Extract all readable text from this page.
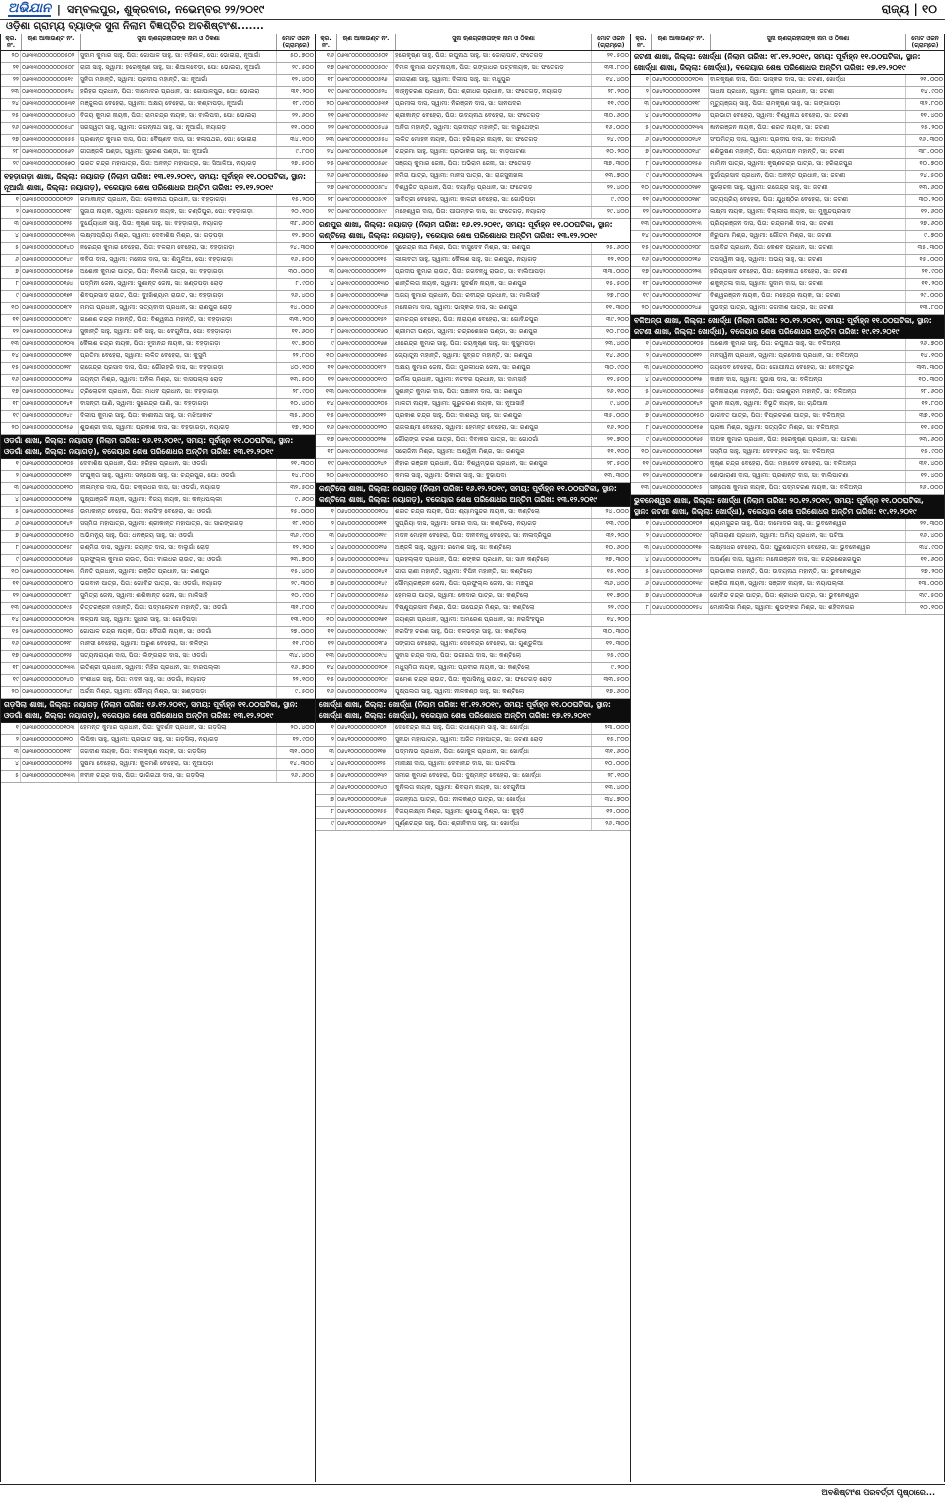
ଅଭିଯାନ | ସମ୍ବଲପୁର, ଶୁକ୍ରବାର, ନଭେମ୍ବର ୨୨/୨୦୧୯	ରାଜ୍ୟ | ୧୦
ଓଡ଼ିଶା ଗ୍ରାମ୍ୟ ବ୍ୟାଙ୍କ ସୁନା ନିଲାମ ବିଜ୍ଞପ୍ତିର ଅବଶିଷ୍ଟାଂଶ.......
କ୍ର. ନଂ.
ଋଣ ଆକାଉଣ୍ଟ ନଂ.	ସୁନା ଋଣଗ୍ରହୀତାଙ୍କ ନାମ ଓ ଠିକଣା	ମୋଟ ଓଜନ (ଗ୍ରାମ୍‌ରେ)
୨୦ ୦୬୩୩୦୦୦୦୦୦୦୫୦୨ ସୁଦାମ କୁମାର ସାହୁ, ପିତା: ଗୋପାଳ ସାହୁ, ସା: ମହିଶାଳ, ପୋ: ଭୋଇରା, ନୂଆଗାଁ	୫୦.୭୦୦
୨୧ ୦୬୩୩୦୦୦୦୦୦୦୫୦୮ ରାଜୀ ସାହୁ, ସ୍ୱାମୀ: ହରେକୃଷ୍ଣ ସାହୁ, ସା: ଶିଆଳବେଡ଼ା, ପୋ: ଭୋଇରା, ନୂଆଗାଁ	୨୯.୫୦୦
୨୨ ୦୬୩୩୦୦୦୦୦୦୦୫୧୯	ସୁନିତା ମହାନ୍ତି, ସ୍ୱାମୀ: ପ୍ରଦୀପ ମହାନ୍ତି, ସା: ନୂଆଗାଁ	୧୨.୪୦୦
୨୩ ୦୬୩୩୦୦୦୦୦୦୦୫୨୪	ହରିହର ପ୍ରଧାନ, ପିତା: ଦାମୋଦର ପ୍ରଧାନ, ସା: ଗୋପାଳପୁର, ପୋ: ଭୋଇରା	୩୧.୨୦୦
୨୪ ୦୬୩୩୦୦୦୦୦୦୦୫୩୧ ମଞ୍ଜୁଲତା ବେହେରା, ସ୍ୱାମୀ: ଅକ୍ଷୟ ବେହେରା, ସା: କଣ୍ଟାପଡ଼ା, ନୂଆଗାଁ	୧୮.୯୦୦
୨୫ ୦୬୩୩୦୦୦୦୦୦୦୫୪୦ ବିଜୟ କୁମାର ନାୟକ, ପିତା: ରାମଚନ୍ଦ୍ର ନାୟକ, ସା: ବାଲିପଦା, ପୋ: ଭୋଇରା	୨୨.୬୦୦
୨୬ ୦୬୩୩୦୦୦୦୦୦୦୫୪୮ ସରସ୍ୱତୀ ସାହୁ, ସ୍ୱାମୀ: ଜଗନ୍ନାଥ ସାହୁ, ସା: ନୂଆଗାଁ, ନୟାଗଡ଼	୧୧.୦୦୦
୨୭ ୦୬୩୩୦୦୦୦୦୦୦୫୫୫ ପ୍ରଶାନ୍ତ କୁମାର ଦାସ, ପିତା: ବୈଷ୍ଣବ ଦାସ, ସା: କଳାପଥର, ପୋ: ଭୋଇରା	୩୪.୧୦୦
୨୮ ୦୬୩୩୦୦୦୦୦୦୦୫୬୨	ଗୀତାଞ୍ଜଳି ପଣ୍ଡା, ସ୍ୱାମୀ: ସୁରେଶ ପଣ୍ଡା, ସା: ନୂଆଗାଁ	୯.୮୦୦
୨୯ ୦୬୩୩୦୦୦୦୦୦୦୫୭୦ ଭରତ ଚନ୍ଦ୍ର ମହାପାତ୍ର, ପିତା: ଅନନ୍ତ ମହାପାତ୍ର, ସା: ସିଆଳିଆ, ନୟାଗଡ଼	୨୭.୫୦୦
ବହଡ଼ାଗଡ଼ା ଶାଖା, ଜିଲ୍ଲା: ନୟାଗଡ଼ (ନିଲାମ ତାରିଖ: ୧୩.୧୨.୨୦୧୯, ସମୟ: ପୂର୍ବାହ୍ନ ୧୧.୦୦ଘଟିକା, ସ୍ଥାନ: ନୂଆଗାଁ ଶାଖା, ଜିଲ୍ଲା: ନୟାଗଡ଼), ବକେୟାର ଶେଷ ପରିଶୋଧର ଅନ୍ତିମ ତାରିଖ: ୧୨.୧୨.୨୦୧୯
୧ ୦୬୩୫୦୦୦୦୦୦୦୧୦୨	ରମାକାନ୍ତ ପ୍ରଧାନ, ପିତା: ଲୋକନାଥ ପ୍ରଧାନ, ସା: ବହଡ଼ାଗଡ଼ା	୧୫.୨୦୦
୨ ୦୬୩୫୦୦୦୦୦୦୦୧୧୮	ସୁଜାତା ନାୟକ, ସ୍ୱାମୀ: ପ୍ରମୋଦ ନାୟକ, ସା: ଚଣ୍ଡିପୁର, ପୋ: ବହଡ଼ାଗଡ଼ା	୨୦.୧୦୦
୩ ୦୬୩୫୦୦୦୦୦୦୦୧୨୫	ଦୁର୍ଯ୍ୟୋଧନ ସାହୁ, ପିତା: କୃଷ୍ଣ ସାହୁ, ସା: ବହଡ଼ାଗଡ଼ା, ନୟାଗଡ଼	୩୮.୬୦୦
୪ ୦୬୩୫୦୦୦୦୦୦୦୧୩୩ ଲକ୍ଷ୍ମୀପ୍ରିୟା ମିଶ୍ର, ସ୍ୱାମୀ: ଦେବାଶିଷ ମିଶ୍ର, ସା: ଗଡ଼ପଡ଼ା	୧୨.୭୦୦
୫ ୦୬୩୫୦୦୦୦୦୦୦୧୪୦	ନରେନ୍ଦ୍ର କୁମାର ବେହେରା, ପିତା: ବଳରାମ ବେହେରା, ସା: ବହଡ଼ାଗଡ଼ା	୨୪.୩୦୦
୬ ୦୬୩୫୦୦୦୦୦୦୦୧୪୯	କବିତା ଦାସ, ସ୍ୱାମୀ: ମନୋଜ ଦାସ, ସା: ଶିମୁଳିଆ, ପୋ: ବହଡ଼ାଗଡ଼ା	୧୬.୫୦୦
୭ ୦୬୩୫୦୦୦୦୦୦୦୧୫୭	ଅଶୋକ କୁମାର ପାତ୍ର, ପିତା: ନିଳମଣି ପାତ୍ର, ସା: ବହଡ଼ାଗଡ଼ା	୩୦.୦୦୦
୮ ୦୬୩୫୦୦୦୦୦୦୦୧୬୪	ପଦ୍ମିନୀ ଜେନା, ସ୍ୱାମୀ: ସୁଶାନ୍ତ ଜେନା, ସା: ଖଣ୍ଡପଡ଼ା ରୋଡ଼	୮.୯୦୦
୯ ୦୬୩୫୦୦୦୦୦୦୦୧୭୨	ଶିବପ୍ରସାଦ ରାଉତ, ପିତା: ଦୁଃଖିଶ୍ୟାମ ରାଉତ, ସା: ବହଡ଼ାଗଡ଼ା	୨୬.୪୦୦
୧୦ ୦୬୩୫୦୦୦୦୦୦୦୧୮୧	ମମତା ପ୍ରଧାନ, ସ୍ୱାମୀ: ସତ୍ୟବାଦୀ ପ୍ରଧାନ, ସା: ରାଣପୁର ରୋଡ଼	୧୪.୦୦୦
୧୧ ୦୬୩୫୦୦୦୦୦୦୦୧୮୯	ଗଣେଶ ଚନ୍ଦ୍ର ମହାନ୍ତି, ପିତା: ବିଶ୍ୱନାଥ ମହାନ୍ତି, ସା: ବହଡ଼ାଗଡ଼ା	୩୩.୨୦୦
୧୨ ୦୬୩୫୦୦୦୦୦୦୦୧୯୬	ସୁକାନ୍ତି ସାହୁ, ସ୍ୱାମୀ: ରବି ସାହୁ, ସା: ବେଗୁନିଆ, ପୋ: ବହଡ଼ାଗଡ଼ା	୧୧.୬୦୦
୧୩ ୦୬୩୫୦୦୦୦୦୦୦୨୦୩ କୈଳାଶ ଚନ୍ଦ୍ର ନାୟକ, ପିତା: ହୃଦାନନ୍ଦ ନାୟକ, ସା: ବହଡ଼ାଗଡ଼ା	୧୯.୭୦୦
୧୪ ୦୬୩୫୦୦୦୦୦୦୦୨୧୧	ପ୍ରତିମା ବେହେରା, ସ୍ୱାମୀ: ଲଳିତ ବେହେରା, ସା: କୁସୁମି	୨୨.୮୦୦
୧୫ ୦୬୩୫୦୦୦୦୦୦୦୨୧୮	ରାଜେନ୍ଦ୍ର ପ୍ରସାଦ ଦାସ, ପିତା: ଗୌରହରି ଦାସ, ସା: ବହଡ଼ାଗଡ଼ା	୪୦.୧୦୦
୧୬ ୦୬୩୫୦୦୦୦୦୦୦୨୨୬	ଜୟନ୍ତୀ ମିଶ୍ର, ସ୍ୱାମୀ: ଅନିଲ ମିଶ୍ର, ସା: ଦାସପଲ୍ଲା ରୋଡ଼	୧୩.୫୦୦
୧୭ ୦୬୩୫୦୦୦୦୦୦୦୨୩୪	ତ୍ରିଲୋଚନ ପ୍ରଧାନ, ପିତା: ମାଧବ ପ୍ରଧାନ, ସା: ବହଡ଼ାଗଡ଼ା	୨୮.୯୦୦
୧୮ ୦୬୩୫୦୦୦୦୦୦୦୨୪୧	ବାସନ୍ତୀ ପାଣି, ସ୍ୱାମୀ: ସୁରେନ୍ଦ୍ର ପାଣି, ସା: ବହଡ଼ାଗଡ଼ା	୧୦.୪୦୦
୧୯ ୦୬୩୫୦୦୦୦୦୦୦୨୪୯	ଦିଲୀପ କୁମାର ସାହୁ, ପିତା: କାଶୀନାଥ ସାହୁ, ସା: ମଝିଆକାଟ	୩୫.୬୦୦
୨୦ ୦୬୩୫୦୦୦୦୦୦୦୨୫୬	ଶୁଭଶ୍ରୀ ଦାସ, ସ୍ୱାମୀ: ପ୍ରକାଶ ଦାସ, ସା: ବହଡ଼ାଗଡ଼ା, ନୟାଗଡ଼	୧୭.୨୦୦
ଓଡଗାଁ ଶାଖା, ଜିଲ୍ଲା: ନୟାଗଡ଼ (ନିଲାମ ତାରିଖ: ୧୬.୧୨.୨୦୧୯, ସମୟ: ପୂର୍ବାହ୍ନ ୧୧.୦୦ଘଟିକା, ସ୍ଥାନ: ଓଡଗାଁ ଶାଖା, ଜିଲ୍ଲା: ନୟାଗଡ଼), ବକେୟାର ଶେଷ ପରିଶୋଧର ଅନ୍ତିମ ତାରିଖ: ୧୩.୧୨.୨୦୧୯
୧ ୦୬୩୬୦୦୦୦୦୦୦୧୦୫	ଦେବାଶିଷ ପ୍ରଧାନ, ପିତା: ହରିହର ପ୍ରଧାନ, ସା: ଓଡଗାଁ	୨୧.୩୦୦
୨ ୦୬୩୬୦୦୦୦୦୦୦୧୧୨	ସଂଯୁକ୍ତା ସାହୁ, ସ୍ୱାମୀ: ସନ୍ତୋଷ ସାହୁ, ସା: ଚନ୍ଦ୍ରପୁର, ପୋ: ଓଡଗାଁ	୧୪.୮୦୦
୩ ୦୬୩୬୦୦୦୦୦୦୦୧୨୦	ନୀଳାମ୍ବର ଦାସ, ପିତା: ଚକ୍ରଧର ଦାସ, ସା: ଓଡଗାଁ, ନୟାଗଡ଼	୩୨.୫୦୦
୪ ୦୬୩୬୦୦୦୦୦୦୦୧୨୭	ପୁଷ୍ପାଞ୍ଜଳି ନାୟକ, ସ୍ୱାମୀ: ବିଜୟ ନାୟକ, ସା: କନ୍ଧପଲ୍ଲୀ	୯.୬୦୦
୫ ୦୬୩୬୦୦୦୦୦୦୦୧୩୫ ଉମାକାନ୍ତ ବେହେରା, ପିତା: ନରସିଂହ ବେହେରା, ସା: ଓଡଗାଁ	୨୫.୦୦୦
୬ ୦୬୩୬୦୦୦୦୦୦୦୧୪୨	ସସ୍ମିତା ମହାପାତ୍ର, ସ୍ୱାମୀ: ଶ୍ରୀକାନ୍ତ ମହାପାତ୍ର, ସା: ସାରଙ୍ଗଗଡ଼	୧୮.୧୦୦
୭ ୦୬୩୬୦୦୦୦୦୦୦୧୫୦	ଅଭିମନ୍ୟୁ ସାହୁ, ପିତା: ଧନଞ୍ଜୟ ସାହୁ, ସା: ଓଡଗାଁ	୩୬.୯୦୦
୮ ୦୬୩୬୦୦୦୦୦୦୦୧୫୮	ରଶ୍ମିତା ଦାସ, ସ୍ୱାମୀ: ଜୟନ୍ତ ଦାସ, ସା: ବାଲୁଗାଁ ରୋଡ଼	୧୨.୨୦୦
୯ ୦୬୩୬୦୦୦୦୦୦୦୧୬୫	ପ୍ରଫୁଲ୍ଲ କୁମାର ରାଉତ, ପିତା: ବାଇଧର ରାଉତ, ସା: ଓଡଗାଁ	୨୩.୭୦୦
୧୦ ୦୬୩୬୦୦୦୦୦୦୦୧୭୩	ମିନତି ପ୍ରଧାନ, ସ୍ୱାମୀ: ରଞ୍ଜିତ ପ୍ରଧାନ, ସା: ରଣପୁର	୧୫.୪୦୦
୧୧ ୦୬୩୬୦୦୦୦୦୦୦୧୮୦	ଭଗବାନ ପାତ୍ର, ପିତା: ଗୋବିନ୍ଦ ପାତ୍ର, ସା: ଓଡଗାଁ, ନୟାଗଡ଼	୨୯.୩୦୦
୧୨ ୦୬୩୬୦୦୦୦୦୦୦୧୮୮	ସୁମିତ୍ରା ଜେନା, ସ୍ୱାମୀ: ଶଶିକାନ୍ତ ଜେନା, ସା: ମାଳିସାହି	୧୦.୯୦୦
୧୩ ୦୬୩୬୦୦୦୦୦୦୦୧୯୫	ଚିତ୍ତରଞ୍ଜନ ମହାନ୍ତି, ପିତା: ପଦ୍ମଲୋଚନ ମହାନ୍ତି, ସା: ଓଡଗାଁ	୩୧.୮୦୦
୧୪ ୦୬୩୬୦୦୦୦୦୦୦୨୦୩ କଳ୍ପନା ସାହୁ, ସ୍ୱାମୀ: ସୁଧୀର ସାହୁ, ସା: ଗୋଡ଼ିପଡ଼ା	୧୩.୧୦୦
୧୫ ୦୬୩୬୦୦୦୦୦୦୦୨୧୦	ଗୋପାଳ ଚନ୍ଦ୍ର ନାୟକ, ପିତା: ଦୈତାରି ନାୟକ, ସା: ଓଡଗାଁ	୨୭.୦୦୦
୧୬ ୦୬୩୬୦୦୦୦୦୦୦୨୧୮	ମାନସୀ ବେହେରା, ସ୍ୱାମୀ: ଅରୁଣ ବେହେରା, ସା: କଳିଙ୍ଗ	୧୧.୮୦୦
୧୭ ୦୬୩୬୦୦୦୦୦୦୦୨୨୫	ସତ୍ୟନାରାୟଣ ଦାସ, ପିତା: ଲିଙ୍ଗରାଜ ଦାସ, ସା: ଓଡଗାଁ	୩୪.୪୦୦
୧୮ ୦୬୩୬୦୦୦୦୦୦୦୨୩୩ ଇତିଶ୍ରୀ ପ୍ରଧାନ, ସ୍ୱାମୀ: ମିହିର ପ୍ରଧାନ, ସା: ବାରପଲ୍ଲୀ	୧୬.୭୦୦
୧୯ ୦୬୩୬୦୦୦୦୦୦୦୨୪୦	ବଂଶୀଧର ସାହୁ, ପିତା: ମଦନ ସାହୁ, ସା: ଓଡଗାଁ, ନୟାଗଡ଼	୨୨.୧୦୦
୨୦ ୦୬୩୬୦୦୦୦୦୦୦୨୪୮	ଅର୍ଚ୍ଚନା ମିଶ୍ର, ସ୍ୱାମୀ: ସୌମ୍ୟ ମିଶ୍ର, ସା: ଖଣ୍ଡପଡ଼ା	୯.୫୦୦
ଗଡ଼ସିଲା ଶାଖା, ଜିଲ୍ଲା: ନୟାଗଡ଼ (ନିଲାମ ତାରିଖ: ୧୬.୧୨.୨୦୧୯, ସମୟ: ପୂର୍ବାହ୍ନ ୧୧.୦୦ଘଟିକା, ସ୍ଥାନ: ଓଡଗାଁ ଶାଖା, ଜିଲ୍ଲା: ନୟାଗଡ଼), ବକେୟାର ଶେଷ ପରିଶୋଧର ଅନ୍ତିମ ତାରିଖ: ୧୩.୧୨.୨୦୧୯
୧ ୦୬୩୭୦୦୦୦୦୦୦୧୦୩ ହେମନ୍ତ କୁମାର ପ୍ରଧାନ, ପିତା: ସୁଦର୍ଶନ ପ୍ରଧାନ, ସା: ଗଡ଼ସିଲା	୨୦.୪୦୦
୨ ୦୬୩୭୦୦୦୦୦୦୦୧୧୦	ଲିପିକା ସାହୁ, ସ୍ୱାମୀ: ପ୍ରଭାତ ସାହୁ, ସା: ଗଡ଼ସିଲା, ନୟାଗଡ଼	୧୨.୯୦୦
୩ ୦୬୩୭୦୦୦୦୦୦୦୧୧୮	ଜଗଦୀଶ ନାୟକ, ପିତା: ବାଳକୃଷ୍ଣ ନାୟକ, ସା: ଗଡ଼ସିଲା	୩୧.୦୦୦
୪ ୦୬୩୭୦୦୦୦୦୦୦୧୨୫	ସୁଷମା ବେହେରା, ସ୍ୱାମୀ: କୁଳମଣି ବେହେରା, ସା: ନୂଆପଡ଼ା	୧୪.୩୦୦
୫ ୦୬୩୭୦୦୦୦୦୦୦୧୩୩ ନବୀନ ଚନ୍ଦ୍ର ଦାସ, ପିତା: ଭାଗିରଥୀ ଦାସ, ସା: ଗଡ଼ସିଲା	୨୬.୬୦୦
କ୍ର. ନଂ.
ଋଣ ଆକାଉଣ୍ଟ ନଂ.	ସୁନା ଋଣଗ୍ରହୀତାଙ୍କ ନାମ ଓ ଠିକଣା	ମୋଟ ଓଜନ (ଗ୍ରାମ୍‌ରେ)
୧୬ ୦୬୩୮୦୦୦୦୦୦୦୫୦୧	ହରେକୃଷ୍ଣ ସାହୁ, ପିତା: ରଘୁନାଥ ସାହୁ, ସା: ଜୋରାପାଟ, ଫତେଗଡ଼	୨୧.୫୦୦
୧୭ ୦୬୩୮୦୦୦୦୦୦୦୫୦୯	ବିମଳ କୁମାର ପଟ୍ଟନାୟକ, ପିତା: ଗଙ୍ଗାଧର ପଟ୍ଟନାୟକ, ସା: ଫତେଗଡ଼	୩୩.୮୦୦
୧୮ ୦୬୩୮୦୦୦୦୦୦୦୫୧୬	ରୀତାରାଣୀ ସାହୁ, ସ୍ୱାମୀ: ଦିଲୀପ ସାହୁ, ସା: ମଧୁପୁର	୧୪.୪୦୦
୧୯ ୦୬୩୮୦୦୦୦୦୦୦୫୨୪	କାହ୍ନୁଚରଣ ପ୍ରଧାନ, ପିତା: ଶ୍ରୀଧର ପ୍ରଧାନ, ସା: ଫତେଗଡ଼, ନୟାଗଡ଼	୨୮.୨୦୦
୨୦ ୦୬୩୮୦୦୦୦୦୦୦୫୩୧	ପ୍ରମୀଳା ଦାସ, ସ୍ୱାମୀ: ନିରଞ୍ଜନ ଦାସ, ସା: ସାନପଦର	୧୧.୯୦୦
୨୧ ୦୬୩୮୦୦୦୦୦୦୦୫୩୯	ଶ୍ରୀକାନ୍ତ ବେହେରା, ପିତା: ଉଦୟନାଥ ବେହେରା, ସା: ଫତେଗଡ଼	୩୦.୬୦୦
୨୨ ୦୬୩୮୦୦୦୦୦୦୦୫୪୬	ଅନିତା ମହାନ୍ତି, ସ୍ୱାମୀ: ପ୍ରଦୀପ୍ତ ମହାନ୍ତି, ସା: ଦାରୁଥେଙ୍ଗ	୧୬.୦୦୦
୨୩ ୦୬୩୮୦୦୦୦୦୦୦୫୫୪	ଲଳିତ ମୋହନ ନାୟକ, ପିତା: ହରିଶ୍ଚନ୍ଦ୍ର ନାୟକ, ସା: ଫତେଗଡ଼	୨୪.୯୦୦
୨୪ ୦୬୩୮୦୦୦୦୦୦୦୫୬୧	ଚନ୍ଦ୍ରମା ସାହୁ, ସ୍ୱାମୀ: ପ୍ରଭାକର ସାହୁ, ସା: ବାଡ଼ପାଟଣା	୧୦.୨୦୦
୨୫ ୦୬୩୮୦୦୦୦୦୦୦୫୬୯	ସଞ୍ଜୟ କୁମାର ଜେନା, ପିତା: ଅଭିରାମ ଜେନା, ସା: ଫତେଗଡ଼	୩୭.୩୦୦
୨୬ ୦୬୩୮୦୦୦୦୦୦୦୫୭୬	ନମିତା ପାତ୍ର, ସ୍ୱାମୀ: ମାନସ ପାତ୍ର, ସା: ରାଜସୁନାଖଳା	୧୩.୭୦୦
୨୭ ୦୬୩୮୦୦୦୦୦୦୦୫୮୪	ବିଶ୍ୱଜିତ ପ୍ରଧାନ, ପିତା: ଦୟାନିଧି ପ୍ରଧାନ, ସା: ଫତେଗଡ଼	୨୨.୪୦୦
୨୮ ୦୬୩୮୦୦୦୦୦୦୦୫୯୧	ସାବିତ୍ରୀ ବେହେରା, ସ୍ୱାମୀ: କାଳନ୍ଦୀ ବେହେରା, ସା: ଗୋଡ଼ିପଡ଼ା	୯.୯୦୦
୨୯ ୦୬୩୮୦୦୦୦୦୦୦୫୯୯	ମହେଶ୍ୱର ଦାସ, ପିତା: ପୀତାମ୍ବର ଦାସ, ସା: ଫତେଗଡ଼, ନୟାଗଡ଼	୨୯.୪୦୦
ରଣପୁର ଶାଖା, ଜିଲ୍ଲା: ନୟାଗଡ଼ (ନିଲାମ ତାରିଖ: ୧୬.୧୨.୨୦୧୯, ସମୟ: ପୂର୍ବାହ୍ନ ୧୧.୦୦ଘଟିକା, ସ୍ଥାନ: କଣ୍ଟିଲୋ ଶାଖା, ଜିଲ୍ଲା: ନୟାଗଡ଼), ବକେୟାର ଶେଷ ପରିଶୋଧର ଅନ୍ତିମ ତାରିଖ: ୧୩.୧୨.୨୦୧୯
୧ ୦୬୩୯୦୦୦୦୦୦୦୧୦୭	ସୁରେନ୍ଦ୍ର ନାଥ ମିଶ୍ର, ପିତା: ବାସୁଦେବ ମିଶ୍ର, ସା: ରଣପୁର	୨୫.୬୦୦
୨ ୦୬୩୯୦୦୦୦୦୦୦୧୧୫	ଲୀଳାବତୀ ସାହୁ, ସ୍ୱାମୀ: କୈଳାଶ ସାହୁ, ସା: ରଣପୁର, ନୟାଗଡ଼	୧୨.୧୦୦
୩ ୦୬୩୯୦୦୦୦୦୦୦୧୨୨	ପ୍ରଦୀପ କୁମାର ରାଉତ, ପିତା: ଜଗବନ୍ଧୁ ରାଉତ, ସା: ବାଲିଆପଡ଼ା	୩୩.୦୦୦
୪ ୦୬୩୯୦୦୦୦୦୦୦୧୩୦	ଶାନ୍ତିଲତା ନାୟକ, ସ୍ୱାମୀ: ସୁଦର୍ଶନ ନାୟକ, ସା: ରଣପୁର	୧୫.୫୦୦
୫ ୦୬୩୯୦୦୦୦୦୦୦୧୩୭	ଅଜୟ କୁମାର ପ୍ରଧାନ, ପିତା: ରବୀନ୍ଦ୍ର ପ୍ରଧାନ, ସା: ମାଲିସାହି	୨୭.୮୦୦
୬ ୦୬୩୯୦୦୦୦୦୦୦୧୪୫	ମନୋରମା ଦାସ, ସ୍ୱାମୀ: ଭାସ୍କର ଦାସ, ସା: ରଣପୁର	୧୧.୩୦୦
୭ ୦୬୩୯୦୦୦୦୦୦୦୧୫୨	ରାମଚନ୍ଦ୍ର ବେହେରା, ପିତା: ନାରାୟଣ ବେହେରା, ସା: ଗୋବିନ୍ଦପୁର	୩୯.୨୦୦
୮ ୦୬୩୯୦୦୦୦୦୦୦୧୬୦	ଶ୍ରୀମତୀ ପଣ୍ଡା, ସ୍ୱାମୀ: ଚନ୍ଦ୍ରଶେଖର ପଣ୍ଡା, ସା: ରଣପୁର	୧୦.୮୦୦
୯ ୦୬୩୯୦୦୦୦୦୦୦୧୬୭	ଧୀରେନ୍ଦ୍ର କୁମାର ସାହୁ, ପିତା: ଜୟକୃଷ୍ଣ ସାହୁ, ସା: କୁସୁମପଡ଼ା	୨୩.୪୦୦
୧୦ ୦୬୩୯୦୦୦୦୦୦୦୧୭୫	ଜ୍ୟୋତ୍ସ୍ନା ମହାନ୍ତି, ସ୍ୱାମୀ: ସୁବ୍ରତ ମହାନ୍ତି, ସା: ରଣପୁର	୧୪.୬୦୦
୧୧ ୦୬୩୯୦୦୦୦୦୦୦୧୮୨	ଅକ୍ଷୟ କୁମାର ଜେନା, ପିତା: ମୁରଲୀଧର ଜେନା, ସା: ରଣପୁର	୩୦.୯୦୦
୧୨ ୦୬୩୯୦୦୦୦୦୦୦୧୯୦	ଉର୍ମିଳା ପ୍ରଧାନ, ସ୍ୱାମୀ: ନଟବର ପ୍ରଧାନ, ସା: ଦାମସାହି	୧୨.୫୦୦
୧୩ ୦୬୩୯୦୦୦୦୦୦୦୧୯୭	ସୁଶାନ୍ତ କୁମାର ଦାସ, ପିତା: ପଞ୍ଚାନନ ଦାସ, ସା: ରଣପୁର	୨୬.୧୦୦
୧୪ ୦୬୩୯୦୦୦୦୦୦୦୨୦୫	ମାଳତୀ ନାୟକ, ସ୍ୱାମୀ: ଗୁରୁଚରଣ ନାୟକ, ସା: ନୂଆସାହି	୯.୪୦୦
୧୫ ୦୬୩୯୦୦୦୦୦୦୦୨୧୨	ପ୍ରକାଶ ଚନ୍ଦ୍ର ସାହୁ, ପିତା: ଦାଶରଥି ସାହୁ, ସା: ରଣପୁର	୩୫.୦୦୦
୧୬ ୦୬୩୯୦୦୦୦୦୦୦୨୨୦	ରାଜଲକ୍ଷ୍ମୀ ବେହେରା, ସ୍ୱାମୀ: ହେମନ୍ତ ବେହେରା, ସା: ରଣପୁର	୧୬.୨୦୦
୧୭ ୦୬୩୯୦୦୦୦୦୦୦୨୨୭	ଗୌରାଙ୍ଗ ଚରଣ ପାତ୍ର, ପିତା: ଦିବାକର ପାତ୍ର, ସା: ଗୋଠଗାଁ	୨୧.୭୦୦
୧୮ ୦୬୩୯୦୦୦୦୦୦୦୨୩୫	ସରୋଜିନୀ ମିଶ୍ର, ସ୍ୱାମୀ: ଅଶ୍ୱିନୀ ମିଶ୍ର, ସା: ରଣପୁର	୧୧.୧୦୦
୧୯ ୦୬୩୯୦୦୦୦୦୦୦୨୪୨	ନିହାର ରଞ୍ଜନ ପ୍ରଧାନ, ପିତା: ବିଶ୍ୱମ୍ଭର ପ୍ରଧାନ, ସା: ରଣପୁର	୨୮.୫୦୦
୨୦ ୦୬୩୯୦୦୦୦୦୦୦୨୫୦	କମଳା ସାହୁ, ସ୍ୱାମୀ: ଭିକାରୀ ସାହୁ, ସା: ବୁଢାପଦା	୧୩.୩୦୦
କଣ୍ଟିଲୋ ଶାଖା, ଜିଲ୍ଲା: ନୟାଗଡ଼ (ନିଲାମ ତାରିଖ: ୧୬.୧୨.୨୦୧୯, ସମୟ: ପୂର୍ବାହ୍ନ ୧୧.୦୦ଘଟିକା, ସ୍ଥାନ: କଣ୍ଟିଲୋ ଶାଖା, ଜିଲ୍ଲା: ନୟାଗଡ଼), ବକେୟାର ଶେଷ ପରିଶୋଧର ଅନ୍ତିମ ତାରିଖ: ୧୩.୧୨.୨୦୧୯
୧ ୦୬୪୦୦୦୦୦୦୦୦୧୦୪	ଶରତ ଚନ୍ଦ୍ର ନାୟକ, ପିତା: ଶ୍ୟାମସୁନ୍ଦର ନାୟକ, ସା: କଣ୍ଟିଲୋ	୨୪.୦୦୦
୨ ୦୬୪୦୦୦୦୦୦୦୦୧୧୧	ସୁପ୍ରିୟା ଦାସ, ସ୍ୱାମୀ: ସମୀର ଦାସ, ସା: କଣ୍ଟିଲୋ, ନୟାଗଡ଼	୧୩.୯୦୦
୩ ୦୬୪୦୦୦୦୦୦୦୦୧୧୯	ମଦନ ମୋହନ ବେହେରା, ପିତା: ଦୀନବନ୍ଧୁ ବେହେରା, ସା: ନୀଳାଦ୍ରିପୁର	୩୨.୨୦୦
୪ ୦୬୪୦୦୦୦୦୦୦୦୧୨୬	ଅଞ୍ଜଳି ସାହୁ, ସ୍ୱାମୀ: ରମେଶ ସାହୁ, ସା: କଣ୍ଟିଲୋ	୧୦.୬୦୦
୫ ୦୬୪୦୦୦୦୦୦୦୦୧୩୪	ପ୍ରହଲ୍ଲାଦ ପ୍ରଧାନ, ପିତା: ଶଙ୍କର ପ୍ରଧାନ, ସା: ସାନ କଣ୍ଟିଲୋ	୨୭.୩୦୦
୬ ୦୬୪୦୦୦୦୦୦୦୦୧୪୧	ଗୀତା ରାଣୀ ମହାନ୍ତି, ସ୍ୱାମୀ: ବିପିନ ମହାନ୍ତି, ସା: କଣ୍ଟିଲୋ	୧୫.୧୦୦
୭ ୦୬୪୦୦୦୦୦୦୦୦୧୪୯	ସୌମ୍ୟରଞ୍ଜନ ଜେନା, ପିତା: ପ୍ରଫୁଲ୍ଲ ଜେନା, ସା: ମଞ୍ଚପୁର	୩୬.୪୦୦
୮ ୦୬୪୦୦୦୦୦୦୦୦୧୫୬	ହେମଲତା ପାତ୍ର, ସ୍ୱାମୀ: କେଦାର ପାତ୍ର, ସା: କଣ୍ଟିଲୋ	୧୧.୭୦୦
୯ ୦୬୪୦୦୦୦୦୦୦୦୧୬୪	ବିଷ୍ଣୁପ୍ରସାଦ ମିଶ୍ର, ପିତା: ଉପେନ୍ଦ୍ର ମିଶ୍ର, ସା: କଣ୍ଟିଲୋ	୨୨.୯୦୦
୧୦ ୦୬୪୦୦୦୦୦୦୦୦୧୭୧	ଜୟଶ୍ରୀ ପ୍ରଧାନ, ସ୍ୱାମୀ: ଅମରେଶ ପ୍ରଧାନ, ସା: ନରସିଂହପୁର	୧୪.୨୦୦
୧୧ ୦୬୪୦୦୦୦୦୦୦୦୧୭୯	ନରସିଂହ ଚରଣ ସାହୁ, ପିତା: ବଳଭଦ୍ର ସାହୁ, ସା: କଣ୍ଟିଲୋ	୩୦.୩୦୦
୧୨ ୦୬୪୦୦୦୦୦୦୦୦୧୮୬	ସଙ୍ଗୀତା ବେହେରା, ସ୍ୱାମୀ: ଦେବେନ୍ଦ୍ର ବେହେରା, ସା: ଗୁଣ୍ଡୁଳିଆ	୧୨.୩୦୦
୧୩ ୦୬୪୦୦୦୦୦୦୦୦୧୯୪	ସୁବାସ ଚନ୍ଦ୍ର ଦାସ, ପିତା: ଭଗୀରଥ ଦାସ, ସା: କଣ୍ଟିଲୋ	୨୫.୯୦୦
୧୪ ୦୬୪୦୦୦୦୦୦୦୦୨୦୧	ମଧୁସ୍ମିତା ନାୟକ, ସ୍ୱାମୀ: ପ୍ରବୀର ନାୟକ, ସା: କଣ୍ଟିଲୋ	୯.୨୦୦
୧୫ ୦୬୪୦୦୦୦୦୦୦୦୨୦୯	ରମେଶ ଚନ୍ଦ୍ର ରାଉତ, ପିତା: କୃପାସିନ୍ଧୁ ରାଉତ, ସା: ଫତେଗଡ଼ ରୋଡ଼	୩୩.୫୦୦
୧୬ ୦୬୪୦୦୦୦୦୦୦୦୨୧୬	ପୁଷ୍ପଲତା ସାହୁ, ସ୍ୱାମୀ: ନୀଳକଣ୍ଠ ସାହୁ, ସା: କଣ୍ଟିଲୋ	୧୭.୬୦୦
ଖୋର୍ଦ୍ଧା ଶାଖା, ଜିଲ୍ଲା: ଖୋର୍ଦ୍ଧା (ନିଲାମ ତାରିଖ: ୧୮.୧୨.୨୦୧୯, ସମୟ: ପୂର୍ବାହ୍ନ ୧୧.୦୦ଘଟିକା, ସ୍ଥାନ: ଖୋର୍ଦ୍ଧା ଶାଖା, ଜିଲ୍ଲା: ଖୋର୍ଦ୍ଧା), ବକେୟାର ଶେଷ ପରିଶୋଧର ଅନ୍ତିମ ତାରିଖ: ୧୭.୧୨.୨୦୧୯
୧ ୦୬୪୧୦୦୦୦୦୦୦୧୦୨	ଦେବେନ୍ଦ୍ର ନାଥ ସାହୁ, ପିତା: ରାଧାଶ୍ୟାମ ସାହୁ, ସା: ଖୋର୍ଦ୍ଧା	୨୩.୦୦୦
୨ ୦୬୪୧୦୦୦୦୦୦୦୧୧୦	ସୁନନ୍ଦା ମହାପାତ୍ର, ସ୍ୱାମୀ: ଅଜିତ ମହାପାତ୍ର, ସା: ଜଟଣୀ ରୋଡ଼	୧୫.୮୦୦
୩ ୦୬୪୧୦୦୦୦୦୦୦୧୧୭	ପଦ୍ମନାଭ ପ୍ରଧାନ, ପିତା: ଗୋକୁଳ ପ୍ରଧାନ, ସା: ଖୋର୍ଦ୍ଧା	୩୧.୬୦୦
୪ ୦୬୪୧୦୦୦୦୦୦୦୧୨୫	ମୀନାକ୍ଷୀ ଦାସ, ସ୍ୱାମୀ: ଦେବାନନ୍ଦ ଦାସ, ସା: ପାଳଟିଆ	୧୦.୦୦୦
୫ ୦୬୪୧୦୦୦୦୦୦୦୧୩୨	ସମୀର କୁମାର ବେହେରା, ପିତା: ଦୁଷ୍ମନ୍ତ ବେହେରା, ସା: ଖୋର୍ଦ୍ଧା	୨୮.୧୦୦
୬ ୦୬୪୧୦୦୦୦୦୦୦୧୪୦	କୁନିଲତା ନାୟକ, ସ୍ୱାମୀ: ଶିବରାମ ନାୟକ, ସା: ବେଗୁନିଆ	୧୩.୪୦୦
୭ ୦୬୪୧୦୦୦୦୦୦୦୧୪୭	ଜଗନ୍ନାଥ ପାତ୍ର, ପିତା: ନୀଳକଣ୍ଠ ପାତ୍ର, ସା: ଖୋର୍ଦ୍ଧା	୩୪.୭୦୦
୮ ୦୬୪୧୦୦୦୦୦୦୦୧୫୫	ବିଜୟଲକ୍ଷ୍ମୀ ମିଶ୍ର, ସ୍ୱାମୀ: ଶୁଭେନ୍ଦୁ ମିଶ୍ର, ସା: କୁହୁଡ଼ି	୧୨.୦୦୦
୯ ୦୬୪୧୦୦୦୦୦୦୦୧୬୨	ପୂର୍ଣ୍ଣଚନ୍ଦ୍ର ସାହୁ, ପିତା: ଶ୍ରୀନିବାସ ସାହୁ, ସା: ଖୋର୍ଦ୍ଧା	୨୬.୩୦୦
କ୍ର. ନଂ.
ଋଣ ଆକାଉଣ୍ଟ ନଂ.	ସୁନା ଋଣଗ୍ରହୀତାଙ୍କ ନାମ ଓ ଠିକଣା	ମୋଟ ଓଜନ (ଗ୍ରାମ୍‌ରେ)
ଜଟଣୀ ଶାଖା, ଜିଲ୍ଲା: ଖୋର୍ଦ୍ଧା (ନିଲାମ ତାରିଖ: ୧୮.୧୨.୨୦୧୯, ସମୟ: ପୂର୍ବାହ୍ନ ୧୧.୦୦ଘଟିକା, ସ୍ଥାନ: ଖୋର୍ଦ୍ଧା ଶାଖା, ଜିଲ୍ଲା: ଖୋର୍ଦ୍ଧା), ବକେୟାର ଶେଷ ପରିଶୋଧର ଅନ୍ତିମ ତାରିଖ: ୧୭.୧୨.୨୦୧୯
୧ ୦୬୪୨୦୦୦୦୦୦୦୧୦୩	ବାଳକୃଷ୍ଣ ଦାସ, ପିତା: ଭାସ୍କର ଦାସ, ସା: ଜଟଣୀ, ଖୋର୍ଦ୍ଧା	୨୧.୦୦୦
୨ ୦୬୪୨୦୦୦୦୦୦୦୧୧୧	ସାଧନା ପ୍ରଧାନ, ସ୍ୱାମୀ: ସୁନୀଲ ପ୍ରଧାନ, ସା: ଜଟଣୀ	୧୪.୯୦୦
୩ ୦୬୪୨୦୦୦୦୦୦୦୧୧୮	ମୃତ୍ୟୁଞ୍ଜୟ ସାହୁ, ପିତା: ରାମକୃଷ୍ଣ ସାହୁ, ସା: ଗଙ୍ଗାପଡ଼ା	୩୨.୮୦୦
୪ ୦୬୪୨୦୦୦୦୦୦୦୧୨୬	ପ୍ରଭାତୀ ବେହେରା, ସ୍ୱାମୀ: ବିଶ୍ୱନାଥ ବେହେରା, ସା: ଜଟଣୀ	୧୧.୪୦୦
୫ ୦୬୪୨୦୦୦୦୦୦୦୧୩୩	ଜ୍ଞାନରଞ୍ଜନ ନାୟକ, ପିତା: ଶରତ ନାୟକ, ସା: ଜଟଣୀ	୨୫.୨୦୦
୬ ୦୬୪୨୦୦୦୦୦୦୦୧୪୧	ସଂଘମିତ୍ରା ଦାସ, ସ୍ୱାମୀ: ପ୍ରଦୀପ ଦାସ, ସା: ବାଘମାରି	୧୬.୩୦୦
୭ ୦୬୪୨୦୦୦୦୦୦୦୧୪୮	ଶଶିଭୂଷଣ ମହାନ୍ତି, ପିତା: ଶ୍ୟାମଘନ ମହାନ୍ତି, ସା: ଜଟଣୀ	୩୮.୦୦୦
୮ ୦୬୪୨୦୦୦୦୦୦୦୧୫୬	ମାମିନୀ ପାତ୍ର, ସ୍ୱାମୀ: କୃଷ୍ଣଚନ୍ଦ୍ର ପାତ୍ର, ସା: ହରିରାଜପୁର	୧୦.୭୦୦
୯ ୦୬୪୨୦୦୦୦୦୦୦୧୬୩	ଦୁର୍ଗାପ୍ରସାଦ ପ୍ରଧାନ, ପିତା: ଅନନ୍ତ ପ୍ରଧାନ, ସା: ଜଟଣୀ	୨୪.୫୦୦
୧୦ ୦୬୪୨୦୦୦୦୦୦୦୧୭୧	ସୁଲୋଚନା ସାହୁ, ସ୍ୱାମୀ: ଗଜେନ୍ଦ୍ର ସାହୁ, ସା: ଜଟଣୀ	୧୩.୬୦୦
୧୧ ୦୬୪୨୦୦୦୦୦୦୦୧୭୮	ସତ୍ୟପ୍ରିୟ ବେହେରା, ପିତା: ଯୁଧିଷ୍ଠିର ବେହେରା, ସା: ଜଟଣୀ	୩୦.୨୦୦
୧୨ ୦୬୪୨୦୦୦୦୦୦୦୧୮୬	ଲକ୍ଷ୍ମୀ ନାୟକ, ସ୍ୱାମୀ: ଦିଲ୍ଲୀପ ନାୟକ, ସା: ମୁକୁନ୍ଦପ୍ରସାଦ	୧୨.୬୦୦
୧୩ ୦୬୪୨୦୦୦୦୦୦୦୧୯୩	ପ୍ରିୟରଞ୍ଜନ ଦାସ, ପିତା: ଚନ୍ଦ୍ରମଣି ଦାସ, ସା: ଜଟଣୀ	୨୭.୬୦୦
୧୪ ୦୬୪୨୦୦୦୦୦୦୦୨୦୧	ନିରୁପମା ମିଶ୍ର, ସ୍ୱାମୀ: ଗୌତମ ମିଶ୍ର, ସା: ଜଟଣୀ	୯.୭୦୦
୧୫ ୦୬୪୨୦୦୦୦୦୦୦୨୦୮	ଅରବିନ୍ଦ ପ୍ରଧାନ, ପିତା: କେଶବ ପ୍ରଧାନ, ସା: ଜଟଣୀ	୩୫.୩୦୦
୧୬ ୦୬୪୨୦୦୦୦୦୦୦୨୧୬	ତପସ୍ୱିନୀ ସାହୁ, ସ୍ୱାମୀ: ଅଭୟ ସାହୁ, ସା: ଜଟଣୀ	୧୫.୦୦୦
୧୭ ୦୬୪୨୦୦୦୦୦୦୦୨୨୩	ହରିପ୍ରସାଦ ବେହେରା, ପିତା: ଲୋକନାଥ ବେହେରା, ସା: ଜଟଣୀ	୨୧.୯୦୦
୧୮ ୦୬୪୨୦୦୦୦୦୦୦୨୩୧	ଶକୁନ୍ତଳା ଦାସ, ସ୍ୱାମୀ: ସୁଦାମ ଦାସ, ସା: ଜଟଣୀ	୧୧.୨୦୦
୧୯ ୦୬୪୨୦୦୦୦୦୦୦୨୩୮	ବିଶ୍ୱରଞ୍ଜନ ନାୟକ, ପିତା: ମହେନ୍ଦ୍ର ନାୟକ, ସା: ଜଟଣୀ	୨୯.୦୦୦
୨୦ ୦୬୪୨୦୦୦୦୦୦୦୨୪୬	ସୁଭଦ୍ରା ପାତ୍ର, ସ୍ୱାମୀ: ଜଗଦୀଶ ପାତ୍ର, ସା: ଜଟଣୀ	୧୩.୮୦୦
ବଳିଅନ୍ତା ଶାଖା, ଜିଲ୍ଲା: ଖୋର୍ଦ୍ଧା (ନିଲାମ ତାରିଖ: ୨୦.୧୨.୨୦୧୯, ସମୟ: ପୂର୍ବାହ୍ନ ୧୧.୦୦ଘଟିକା, ସ୍ଥାନ: ଜଟଣୀ ଶାଖା, ଜିଲ୍ଲା: ଖୋର୍ଦ୍ଧା), ବକେୟାର ଶେଷ ପରିଶୋଧର ଅନ୍ତିମ ତାରିଖ: ୧୯.୧୨.୨୦୧୯
୧ ୦୬୪୩୦୦୦୦୦୦୦୧୦୫	ଅଶୋକ କୁମାର ସାହୁ, ପିତା: ରଘୁନାଥ ସାହୁ, ସା: ବଳିଅନ୍ତା	୨୬.୭୦୦
୨ ୦୬୪୩୦୦୦୦୦୦୦୧୧୨	ମନସ୍ୱିନୀ ପ୍ରଧାନ, ସ୍ୱାମୀ: ପ୍ରଦୋଷ ପ୍ରଧାନ, ସା: ବଳିଅନ୍ତା	୧୪.୧୦୦
୩ ୦୬୪୩୦୦୦୦୦୦୦୧୨୦	ଜୟଦେବ ବେହେରା, ପିତା: ଗୋପୀନାଥ ବେହେରା, ସା: ବେନ୍ତପୁର	୩୩.୩୦୦
୪ ୦୬୪୩୦୦୦୦୦୦୦୧୨୭	କାଞ୍ଚନ ଦାସ, ସ୍ୱାମୀ: ସୁଭାଷ ଦାସ, ସା: ବଳିଅନ୍ତା	୧୦.୩୦୦
୫ ୦୬୪୩୦୦୦୦୦୦୦୧୩୫ ରବିନାରାୟଣ ମହାନ୍ତି, ପିତା: ପରଶୁରାମ ମହାନ୍ତି, ସା: ବଳିଅନ୍ତା	୨୮.୬୦୦
୬ ୦୬୪୩୦୦୦୦୦୦୦୧୪୨	ସୁମନ ନାୟକ, ସ୍ୱାମୀ: ବିଭୂତି ନାୟକ, ସା: ଚାନ୍ଦିଆନା	୧୨.୮୦୦
୭ ୦୬୪୩୦୦୦୦୦୦୦୧୫୦	ଭାଗବତ ପାତ୍ର, ପିତା: ବିପ୍ରଚରଣ ପାତ୍ର, ସା: ବଳିଅନ୍ତା	୩୭.୧୦୦
୮ ୦୬୪୩୦୦୦୦୦୦୦୧୫୭	ପ୍ରଜ୍ଞା ମିଶ୍ର, ସ୍ୱାମୀ: ସତ୍ୟଜିତ ମିଶ୍ର, ସା: ବଳିଅନ୍ତା	୧୧.୫୦୦
୯ ୦୬୪୩୦୦୦୦୦୦୦୧୬୫	ଦୀପକ କୁମାର ପ୍ରଧାନ, ପିତା: ହରେକୃଷ୍ଣ ପ୍ରଧାନ, ସା: ପାଟଣା	୨୩.୬୦୦
୧୦ ୦୬୪୩୦୦୦୦୦୦୦୧୭୨	ସସ୍ମିତା ସାହୁ, ସ୍ୱାମୀ: ଦେବବ୍ରତ ସାହୁ, ସା: ବଳିଅନ୍ତା	୧୫.୯୦୦
୧୧ ୦୬୪୩୦୦୦୦୦୦୦୧୮୦	କୃଷ୍ଣ ଚନ୍ଦ୍ର ବେହେରା, ପିତା: ମହାଦେବ ବେହେରା, ସା: ବଳିଅନ୍ତା	୩୧.୪୦୦
୧୨ ୦୬୪୩୦୦୦୦୦୦୦୧୮୭	ଶୋଭାରାଣୀ ଦାସ, ସ୍ୱାମୀ: ପ୍ରଶାନ୍ତ ଦାସ, ସା: ବାଲିପାଟଣା	୧୨.୪୦୦
୧୩ ୦୬୪୩୦୦୦୦୦୦୦୧୯୫	ସନ୍ତୋଷ କୁମାର ନାୟକ, ପିତା: ପଦ୍ମଚରଣ ନାୟକ, ସା: ବଳିଅନ୍ତା	୨୬.୦୦୦
ଭୁବନେଶ୍ୱର ଶାଖା, ଜିଲ୍ଲା: ଖୋର୍ଦ୍ଧା (ନିଲାମ ତାରିଖ: ୨୦.୧୨.୨୦୧୯, ସମୟ: ପୂର୍ବାହ୍ନ ୧୧.୦୦ଘଟିକା, ସ୍ଥାନ: ଜଟଣୀ ଶାଖା, ଜିଲ୍ଲା: ଖୋର୍ଦ୍ଧା), ବକେୟାର ଶେଷ ପରିଶୋଧର ଅନ୍ତିମ ତାରିଖ: ୧୯.୧୨.୨୦୧୯
୧ ୦୬୪୪୦୦୦୦୦୦୦୧୦୨	ଶ୍ୟାମସୁନ୍ଦର ସାହୁ, ପିତା: ଦାମୋଦର ସାହୁ, ସା: ଭୁବନେଶ୍ୱର	୨୨.୩୦୦
୨ ୦୬୪୪୦୦୦୦୦୦୦୧୦୯	ସ୍ମିତାରାଣୀ ପ୍ରଧାନ, ସ୍ୱାମୀ: ଅମିୟ ପ୍ରଧାନ, ସା: ପଟିଆ	୧୬.୪୦୦
୩ ୦୬୪୪୦୦୦୦୦୦୦୧୧୭	ଲକ୍ଷ୍ମୀଧର ବେହେରା, ପିତା: ପୁରୁଷୋତ୍ତମ ବେହେରା, ସା: ଭୁବନେଶ୍ୱର	୩୪.୯୦୦
୪ ୦୬୪୪୦୦୦୦୦୦୦୧୨୪	ଅପର୍ଣ୍ଣା ଦାସ, ସ୍ୱାମୀ: ମନୋରଞ୍ଜନ ଦାସ, ସା: ଚନ୍ଦ୍ରଶେଖରପୁର	୧୧.୬୦୦
୫ ୦୬୪୪୦୦୦୦୦୦୦୧୩୨	ପ୍ରଭାକର ମହାନ୍ତି, ପିତା: ଉଦୟନାଥ ମହାନ୍ତି, ସା: ଭୁବନେଶ୍ୱର	୨୭.୨୦୦
୬ ୦୬୪୪୦୦୦୦୦୦୦୧୩୯	ରଞ୍ଜିତା ନାୟକ, ସ୍ୱାମୀ: ସଞ୍ଜୀବ ନାୟକ, ସା: ନୟାପଲ୍ଲୀ	୧୩.୦୦୦
୭ ୦୬୪୪୦୦୦୦୦୦୦୧୪୭	ଗୋବିନ୍ଦ ଚନ୍ଦ୍ର ପାତ୍ର, ପିତା: ଶ୍ରୀଧର ପାତ୍ର, ସା: ଭୁବନେଶ୍ୱର	୩୯.୫୦୦
୮ ୦୬୪୪୦୦୦୦୦୦୦୧୫୪	ମୋନାଲିସା ମିଶ୍ର, ସ୍ୱାମୀ: ଶୁଭଙ୍କର ମିଶ୍ର, ସା: ଶହିଦନଗର	୧୦.୧୦୦
ଅବଶିଷ୍ଟାଂଶ ପରବର୍ତ୍ତୀ ପୃଷ୍ଠାରେ...
